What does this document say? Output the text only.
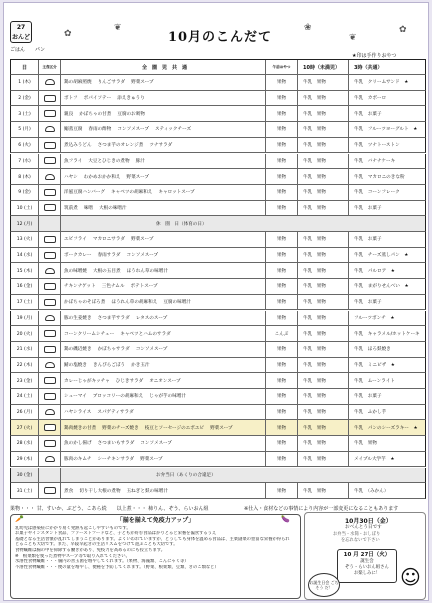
27
おんど
ごはん　　パン
✿
❦	❀
❦
✿
10月のこんだて
★印は手作りおやつ
日	主食区分	全　園　児　共　通	午前おやつ	10時（未満児）	3時（共通）
1 (木)	鶏の胡麻照焼 りんごサラダ 野菜スープ	果物	牛乳　果物	牛乳　クリームサンド　★
2 (金)	ポトフ ポパイソテー 添えきゅうり	果物	牛乳　果物	牛乳　カボーロ
3 (土)	親良 かぼちゃの甘煮 豆腐のお吸物	果物	牛乳　果物	牛乳　お菓子
5 (月)	鰯蒸豆腐 春雨の酢物 コンソメスープ スティックチーズ	果物	牛乳　果物	牛乳　フルーツヨーグルト　★
6 (火)	煮込みうどん さつま芋のオレンジ煮 ツナサラダ	果物	牛乳　果物	牛乳　ツナトーストン
7 (水)	魚フライ 大豆とひじきの煮物 豚汁	果物	牛乳　果物	牛乳　バナナケーキ
8 (木)	ハヤシ わかめおかか和え 野菜スープ	果物	牛乳　果物	牛乳　マカロニのきな粉
9 (金)	洋風豆腐ハンバーグ キャベツの胡麻和え キャロットスープ	果物	牛乳　果物	牛乳　コーンフレーク
10 (土)	筑前煮 味噌 大根の味噌汁	果物	牛乳　果物	牛乳　お菓子
12 (月)	休　園　日（体育の日）
13 (火)	エビフライ マカロニサラダ 野菜スープ	果物	牛乳　果物	牛乳　お菓子
14 (水)	ポークカレー 春雨サラダ コンソメスープ	果物	牛乳　果物	牛乳　チーズ蒸しパン　★
15 (木)	魚の味噌焼 大根の五目煮 ほうれん草の味噌汁	果物	牛乳　果物	牛乳　パルロア　★
16 (金)	チキンナゲット 三色ナムル ポテトスープ	果物	牛乳　果物	牛乳　まがりせんべい　★
17 (土)	かぼちゃのそぼろ煮 ほうれん草の胡麻和え 豆腐の味噌汁	果物	牛乳　果物	牛乳　お菓子
19 (月)	豚の生姜焼き さつま芋サラダ レタスのスープ	果物	牛乳　果物	フルーツポンチ　★
20 (火)	コーンクリームシチュー キャベツとハムのサラダ	こんぶ	牛乳　果物	牛乳　キャラメル/ホットケーキ
21 (水)	鶏の磯辺焼き かぼちゃサラダ コンソメスープ	果物	牛乳　果物	牛乳　ほろ麩焼き
22 (木)	鯖の塩焼き きんぴらごぼう かき玉汁	果物	牛乳　果物	牛乳　ミニピザ　★
23 (金)	カレーじゃがキッチャ ひじきサラダ オニオンスープ	果物	牛乳　果物	牛乳　ムーンライト
24 (土)	シューマイ ブロッコリーの胡麻和え じゃが芋の味噌汁	果物	牛乳　果物	牛乳　お菓子
26 (月)	ハヤシライス スパゲティサラダ	果物	牛乳　果物	牛乳　ふかし芋
27 (火)	鶏肉焼きの甘煮 野菜のチーズ焼き 枝豆とソーセージのエボエピ 野菜スープ	果物	牛乳　果物	牛乳　パンのシーズラキー　★
28 (水)	魚のかし揚げ さつまいもサラダ コンソメスープ	果物	牛乳　果物	牛乳　果物
29 (木)	豚肉のキムチ シーチキンサラダ 野菜スープ	果物	牛乳　果物	メイプル大学芋　★
30 (金)	お弁当日（あくりの合遠足）
31 (土)	煮食 切り干し大根の煮物 玉ねぎと麩の味噌汁	果物	牛乳　果物	牛乳　（みかん）
果物・・・ 甘、すいか、ぶどう、こあら続　　以上煮・・・ 柿りん、ぞう、らいおん組	※仕入・食材などの事情により内容が一部変更になることもあります
🥕	🍆
「揃を揃えて免疫力アップ」
乳幼児は感染症にかかり易く発熱も起こしやすいものです。
お菓子やインスタント食品、ファーストフードなど、子どもが好む食品ばかりとると栄養を偏食するうえ
基礎となる生活習慣が乱れてしまうことがあります。よくいわれていますが、どうしても身体を温める食品は、主菜副菜の豊富な栄養が得られ
とることも大切です。また、早寝早起きの生活リズムをつけて遊ぶことも大切です。
食物繊維は腸の中を掃除する働きがあり、免疫力を高めるのにも役立ちます。
※　根菜類を使った煮物やスープ等で取り入れてください。
水溶性食物繊維・・・腸内の善玉菌を増やしてくれます。（果物、海藻類、こんにゃく等）
不溶性食物繊維・・・便の量を増やし、便秘を予防してくれます。（野菜、根菜類、豆類、きのこ類など）
10月30日（金）
おべんとう日です
お弁当・水筒・おしぼり
を忘れないで下さい
10 月 27日（火）
誕生会
ぞう・らいおん組さん
お楽しみに！
お誕生日会 ごちそう だ！	☺
